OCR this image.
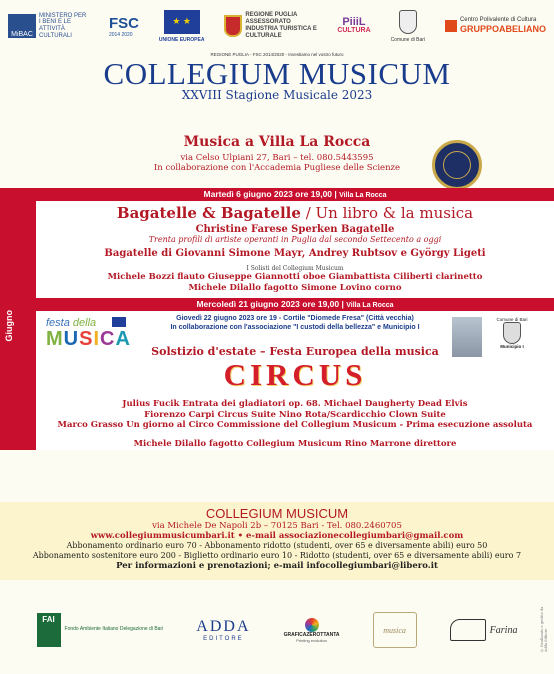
MiBAC
MINISTERO PER I BENI E LE ATTIVITÀ CULTURALI
FSC
2014 2020
★ ★
UNIONE EUROPEA
REGIONE PUGLIA ASSESSORATO INDUSTRIA TURISTICA E CULTURALE
PiiiL
CULTURA
Comune di Bari
Centro Polivalente di Cultura
GRUPPOABELIANO
REGIONE PUGLIA - FSC 2014/2020 - Investiamo nel vostro futuro
COLLEGIUM MUSICUM
XXVIII Stagione Musicale 2023
Musica a Villa La Rocca
via Celso Ulpiani 27, Bari – tel. 080.5443595
In collaborazione con l'Accademia Pugliese delle Scienze
Giugno
Martedì 6 giugno 2023 ore 19,00 | Villa La Rocca
Bagatelle & Bagatelle / Un libro & la musica
Christine Farese Sperken Bagatelle
Trenta profili di artiste operanti in Puglia dal secondo Settecento a oggi
Bagatelle di Giovanni Simone Mayr, Andrey Rubtsov e György Ligeti
I Solisti del Collegium Musicum
Michele Bozzi flauto Giuseppe Giannotti oboe Giambattista Ciliberti clarinetto
Michele Dilallo fagotto Simone Lovino corno
Mercoledì 21 giugno 2023 ore 19,00 | Villa La Rocca
festa della
MUSICA
Giovedì 22 giugno 2023 ore 19 - Cortile "Diomede Fresa" (Città vecchia)
In collaborazione con l'associazione "I custodi della bellezza" e Municipio I
Comune di Bari
Municipio I
Solstizio d'estate – Festa Europea della musica
CIRCUS
Julius Fucik Entrata dei gladiatori op. 68. Michael Daugherty Dead Elvis
Fiorenzo Carpi Circus Suite Nino Rota/Scardicchio Clown Suite
Marco Grasso Un giorno al Circo Commissione del Collegium Musicum - Prima esecuzione assoluta
Michele Dilallo fagotto Collegium Musicum Rino Marrone direttore
COLLEGIUM MUSICUM
via Michele De Napoli 2b – 70125 Bari - Tel. 080.2460705
www.collegiummusicumbari.it • e-mail associazionecollegiumbari@gmail.com
Abbonamento ordinario euro 70 - Abbonamento ridotto (studenti, over 65 e diversamente abili) euro 50
Abbonamento sostenitore euro 200 - Biglietto ordinario euro 10 - Ridotto (studenti, over 65 e diversamente abili) euro 7
Per informazioni e prenotazioni; e-mail infocollegiumbari@libero.it
FAI
Fondo Ambiente Italiano Delegazione di Bari ADDA
EDITORE
GRAFICAZEROTTANTA
Printing evolution
musica	Farina	© Realizzato e gestito da Adda Editore
